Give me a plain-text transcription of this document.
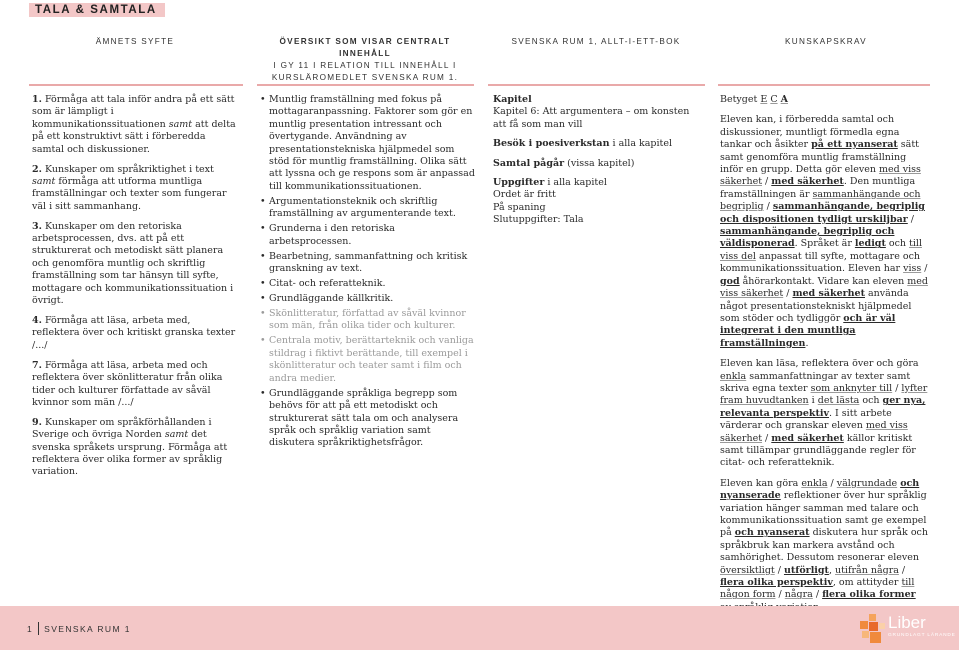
TALA & SAMTALA
ÄMNETS SYFTE	ÖVERSIKT SOM VISAR CENTRALT INNEHÅLL
I GY 11 I RELATION TILL INNEHÅLL I KURSLÄROMEDLET SVENSKA RUM 1.
SVENSKA RUM 1, ALLT-I-ETT-BOK	KUNSKAPSKRAV

1. Förmåga att tala inför andra på ett sätt som är lämpligt i kommunikationssituationen samt att delta på ett konstruktivt sätt i förberedda samtal och diskussioner.

2. Kunskaper om språkriktighet i text samt förmåga att utforma muntliga framställningar och texter som fungerar väl i sitt sammanhang.

3. Kunskaper om den retoriska arbetsprocessen, dvs. att på ett strukturerat och metodiskt sätt planera och genomföra muntlig och skriftlig framställning som tar hänsyn till syfte, mottagare och kommunikationssituation i övrigt.

4. Förmåga att läsa, arbeta med, reflektera över och kritiskt granska texter /.../

7. Förmåga att läsa, arbeta med och reflektera över skönlitteratur från olika tider och kulturer författade av såväl kvinnor som män /.../

9. Kunskaper om språkförhållanden i Sverige och övriga Norden samt det svenska språkets ursprung. Förmåga att reflektera över olika former av språklig variation.

• Muntlig framställning med fokus på mottagaranpassning. Faktorer som gör en muntlig presentation intressant och övertygande. Användning av presentationstekniska hjälpmedel som stöd för muntlig framställning. Olika sätt att lyssna och ge respons som är anpassad till kommunikationssituationen.
• Argumentationsteknik och skriftlig framställning av argumenterande text.
• Grunderna i den retoriska arbetsprocessen.
• Bearbetning, sammanfattning och kritisk granskning av text.
• Citat- och referatteknik.
• Grundläggande källkritik.
• Skönlitteratur, författad av såväl kvinnor som män, från olika tider och kulturer.
• Centrala motiv, berättarteknik och vanliga stildrag i fiktivt berättande, till exempel i skönlitteratur och teater samt i film och andra medier.
• Grundläggande språkliga begrepp som behövs för att på ett metodiskt och strukturerat sätt tala om och analysera språk och språklig variation samt diskutera språkriktighetsfrågor.
Kapitel
Kapitel 6: Att argumentera – om konsten att få som man vill
Besök i poesiverkstan i alla kapitel
Samtal pågår (vissa kapitel)
Uppgifter i alla kapitel
Ordet är fritt
På spaning
Slutuppgifter: Tala
Betyget E C A
Eleven kan, i förberedda samtal och diskussioner, muntligt förmedla egna tankar och åsikter på ett nyanserat sätt samt genomföra muntlig framställning inför en grupp. Detta gör eleven med viss säkerhet / med säkerhet. Den muntliga framställningen är sammanhängande och begriplig / sammanhängande, begriplig och dispositionen tydligt urskiljbar / sammanhängande, begriplig och väldisponerad. Språket är ledigt och till viss del anpassat till syfte, mottagare och kommunikationssituation. Eleven har viss / god åhörarkontakt. Vidare kan eleven med viss säkerhet / med säkerhet använda något presentationstekniskt hjälpmedel som stöder och tydliggör och är väl integrerat i den muntliga framställningen.
Eleven kan läsa, reflektera över och göra enkla sammanfattningar av texter samt skriva egna texter som anknyter till / lyfter fram huvudtanken i det lästa och ger nya, relevanta perspektiv. I sitt arbete värderar och granskar eleven med viss säkerhet / med säkerhet källor kritiskt samt tillämpar grundläggande regler för citat- och referatteknik.
Eleven kan göra enkla / välgrundade och nyanserade reflektioner över hur språklig variation hänger samman med talare och kommunikationssituation samt ge exempel på och nyanserat diskutera hur språk och språkbruk kan markera avstånd och samhörighet. Dessutom resonerar eleven översiktligt / utförligt, utifrån några / flera olika perspektiv, om attityder till någon form / några / flera olika former
1 SVENSKA RUM 1	Liber
GRUNDLAGT LÄRANDE
